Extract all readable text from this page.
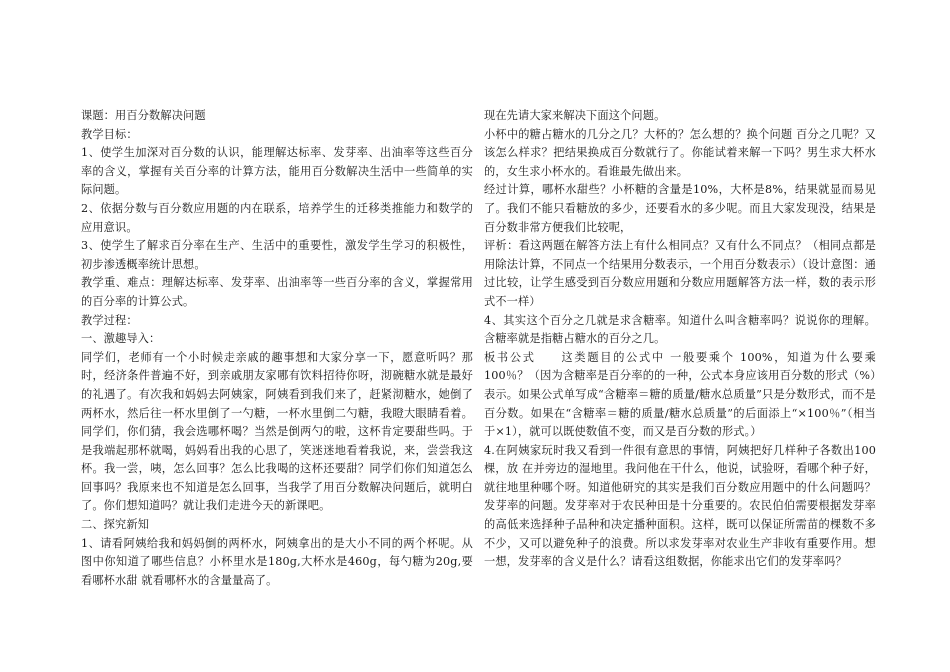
课题：用百分数解决问题

教学目标：

1、使学生加深对百分数的认识，能理解达标率、发芽率、出油率等这些百分率的含义，掌握有关百分率的计算方法，能用百分数解决生活中一些简单的实际问题。

2、依据分数与百分数应用题的内在联系，培养学生的迁移类推能力和数学的应用意识。

3、使学生了解求百分率在生产、生活中的重要性，激发学生学习的积极性，初步渗透概率统计思想。

教学重、难点：理解达标率、发芽率、出油率等一些百分率的含义，掌握常用的百分率的计算公式。

教学过程：

一、激趣导入：

同学们，老师有一个小时候走亲戚的趣事想和大家分享一下，愿意听吗？那时，经济条件普遍不好，到亲戚朋友家哪有饮料招待你呀，沏碗糖水就是最好的礼遇了。有次我和妈妈去阿姨家，阿姨看到我们来了，赶紧沏糖水，她倒了两杯水，然后往一杯水里倒了一勺糖，一杯水里倒二勺糖，我瞪大眼睛看着。同学们，你们猜，我会选哪杯喝？当然是倒两勺的啦，这杯肯定要甜些吗。于是我端起那杯就喝，妈妈看出我的心思了，笑迷迷地看着我说，来，尝尝我这杯。我一尝，咦，怎么回事？怎么比我喝的这杯还要甜？同学们你们知道怎么回事吗？我原来也不知道是怎么回事，当我学了用百分数解决问题后，就明白了。你们想知道吗？就让我们走进今天的新课吧。

二、探究新知

1、请看阿姨给我和妈妈倒的两杯水，阿姨拿出的是大小不同的两个杯呢。从图中你知道了哪些信息？小杯里水是180g,大杯水是460g，每勺糖为20g,要看哪杯水甜 就看哪杯水的含量量高了。

现在先请大家来解决下面这个问题。

小杯中的糖占糖水的几分之几？大杯的？怎么想的？换个问题 百分之几呢？又该怎么样求？把结果换成百分数就行了。你能试着来解一下吗？男生求大杯水的，女生求小杯水的。看谁最先做出来。

经过计算，哪杯水甜些？小杯糖的含量是10%，大杯是8%，结果就显而易见了。我们不能只看糖放的多少，还要看水的多少呢。而且大家发现没，结果是百分数非常方便我们比较呢，

评析：看这两题在解答方法上有什么相同点？又有什么不同点？（相同点都是用除法计算，不同点一个结果用分数表示，一个用百分数表示）（设计意图：通过比较，让学生感受到百分数应用题和分数应用题解答方法一样，数的表示形式不一样）

4、其实这个百分之几就是求含糖率。知道什么叫含糖率吗？说说你的理解。含糖率就是指糖占糖水的百分之几。

板书公式　　这类题目的公式中 一般要乘个 100%，知道为什么要乘 100％？（因为含糖率是百分率的的一种，公式本身应该用百分数的形式（%）表示。如果公式单写成“含糖率＝糖的质量/糖水总质量”只是分数形式，而不是百分数。如果在“含糖率＝糖的质量/糖水总质量”的后面添上“×100％”（相当于×1），就可以既使数值不变，而又是百分数的形式。）

4.在阿姨家玩时我又看到一件很有意思的事情，阿姨把好几样种子各数出100棵，放 在并旁边的湿地里。我问他在干什么，他说，试验呀，看哪个种子好，就往地里种哪个呀。知道他研究的其实是我们百分数应用题中的什么问题吗？发芽率的问题。发芽率对于农民种田是十分重要的。农民伯伯需要根据发芽率的高低来选择种子品种和决定播种面积。这样，既可以保证所需苗的棵数不多不少，又可以避免种子的浪费。所以求发芽率对农业生产非收有重要作用。想一想，发芽率的含义是什么？请看这组数据，你能求出它们的发芽率吗？
